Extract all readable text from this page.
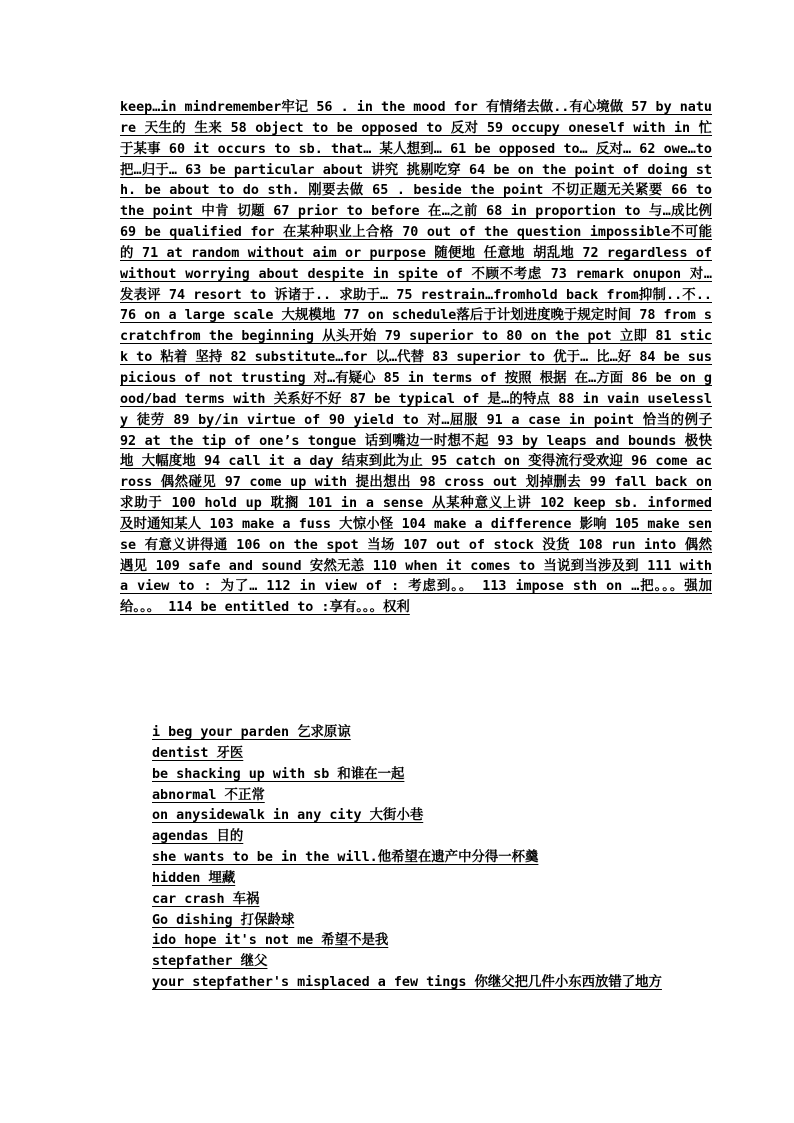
keep…in mindremember牢记 56 . in the mood for 有情绪去做..有心境做 57 by nature 天生的 生来 58 object to be opposed to 反对 59 occupy oneself with in 忙于某事 60 it occurs to sb. that… 某人想到… 61 be opposed to… 反对… 62 owe…to 把…归于… 63 be particular about 讲究 挑剔吃穿 64 be on the point of doing sth. be about to do sth. 刚要去做 65 . beside the point 不切正题无关紧要 66 to the point 中肯 切题 67 prior to before 在…之前 68 in proportion to 与…成比例 69 be qualified for 在某种职业上合格 70 out of the question impossible不可能的 71 at random without aim or purpose 随便地 任意地 胡乱地 72 regardless of without worrying about despite in spite of 不顾不考虑 73 remark onupon 对…发表评 74 resort to 诉诸于.. 求助于… 75 restrain…fromhold back from抑制..不.. 76 on a large scale 大规模地 77 on schedule落后于计划进度晚于规定时间 78 from scratchfrom the beginning 从头开始 79 superior to 80 on the pot 立即 81 stick to 粘着 坚持 82 substitute…for 以…代替 83 superior to 优于… 比…好 84 be suspicious of not trusting 对…有疑心 85 in terms of 按照 根据 在…方面 86 be on good/bad terms with 关系好不好 87 be typical of 是…的特点 88 in vain uselessly 徒劳 89 by/in virtue of 90 yield to 对…屈服 91 a case in point 恰当的例子 92 at the tip of one’s tongue 话到嘴边一时想不起 93 by leaps and bounds 极快地 大幅度地 94 call it a day 结束到此为止 95 catch on 变得流行受欢迎 96 come across 偶然碰见 97 come up with 提出想出 98 cross out 划掉删去 99 fall back on 求助于 100 hold up 耽搁 101 in a sense 从某种意义上讲 102 keep sb. informed 及时通知某人 103 make a fuss 大惊小怪 104 make a difference 影响 105 make sense 有意义讲得通 106 on the spot 当场 107 out of stock 没货 108 run into 偶然遇见 109 safe and sound 安然无恙 110 when it comes to 当说到当涉及到 111 with a view to : 为了… 112 in view of : 考虑到。。 113 impose sth on …把。。。强加给。。。 114 be entitled to :享有。。。权利
i beg your parden 乞求原谅
dentist 牙医
be shacking up with sb 和谁在一起
abnormal 不正常
on anysidewalk in any city 大街小巷
agendas 目的
she wants to be in the will.他希望在遗产中分得一杯羹
hidden 埋藏
car crash 车祸
Go dishing 打保龄球
ido hope it's not me 希望不是我
stepfather 继父
your stepfather's misplaced a few tings 你继父把几件小东西放错了地方
